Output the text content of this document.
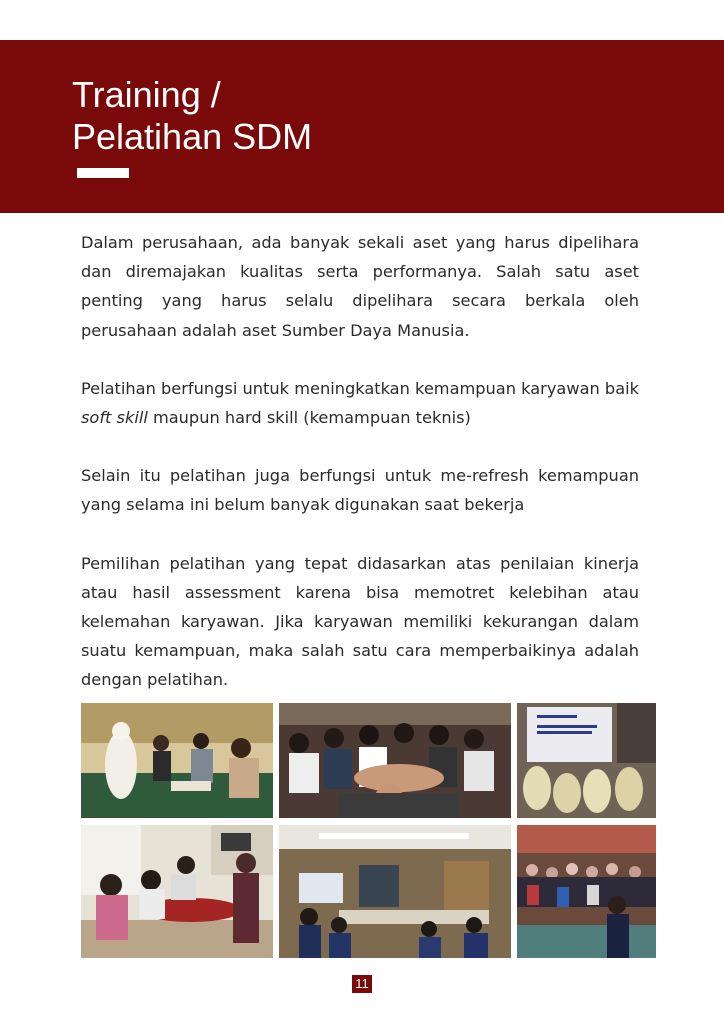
Training /
Pelatihan SDM

Dalam perusahaan, ada banyak sekali aset yang harus dipelihara dan diremajakan kualitas serta performanya. Salah satu aset penting yang harus selalu dipelihara secara berkala oleh perusahaan adalah aset Sumber Daya Manusia.

Pelatihan berfungsi untuk meningkatkan kemampuan karyawan baik soft skill maupun hard skill (kemampuan teknis)

Selain itu pelatihan juga berfungsi untuk me-refresh kemampuan yang selama ini belum banyak digunakan saat bekerja

Pemilihan pelatihan yang tepat didasarkan atas penilaian kinerja atau hasil assessment karena bisa memotret kelebihan atau kelemahan karyawan. Jika karyawan memiliki kekurangan dalam suatu kemampuan, maka salah satu cara memperbaikinya adalah dengan pelatihan.

11
